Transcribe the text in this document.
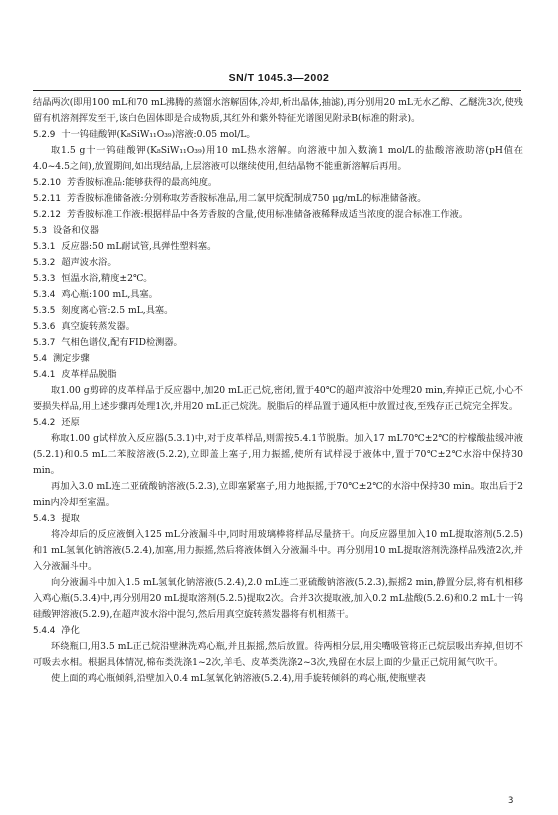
SN/T 1045.3—2002

结晶两次(即用100 mL和70 mL沸腾的蒸馏水溶解固体,冷却,析出晶体,抽滤),再分别用20 mL无水乙醇、乙醚洗3次,使残留有机溶剂挥发至干,该白色固体即是合成物质,其红外和紫外特征光谱图见附录B(标准的附录)。

5.2.9 十一钨硅酸钾(K₈SiW₁₁O₃₉)溶液:0.05 mol/L。

取1.5 g十一钨硅酸钾(K₈SiW₁₁O₃₉)用10 mL热水溶解。向溶液中加入数滴1 mol/L的盐酸溶液助溶(pH值在4.0~4.5之间),放置期间,如出现结晶,上层溶液可以继续使用,但结晶物不能重新溶解后再用。

5.2.10 芳香胺标准品:能够获得的最高纯度。

5.2.11 芳香胺标准储备液:分别称取芳香胺标准品,用二氯甲烷配制成750 μg/mL的标准储备液。

5.2.12 芳香胺标准工作液:根据样品中各芳香胺的含量,使用标准储备液稀释成适当浓度的混合标准工作液。

5.3 设备和仪器

5.3.1 反应器:50 mL耐试管,具弹性塑料塞。

5.3.2 超声波水浴。

5.3.3 恒温水浴,精度±2℃。

5.3.4 鸡心瓶:100 mL,具塞。

5.3.5 刻度离心管:2.5 mL,具塞。

5.3.6 真空旋转蒸发器。

5.3.7 气相色谱仪,配有FID检测器。

5.4 测定步骤

5.4.1 皮革样品脱脂

取1.00 g剪碎的皮革样品于反应器中,加20 mL正己烷,密闭,置于40℃的超声波浴中处理20 min,弃掉正己烷,小心不要损失样品,用上述步骤再处理1次,并用20 mL正己烷洗。脱脂后的样品置于通风柜中放置过夜,至残存正己烷完全挥发。

5.4.2 还原

称取1.00 g试样放入反应器(5.3.1)中,对于皮革样品,则需按5.4.1节脱脂。加入17 mL70℃±2℃的柠檬酸盐缓冲液(5.2.1)和0.5 mL二苯胺溶液(5.2.2),立即盖上塞子,用力振摇,使所有试样浸于液体中,置于70℃±2℃水浴中保持30 min。

再加入3.0 mL连二亚硫酸钠溶液(5.2.3),立即塞紧塞子,用力地振摇,于70℃±2℃的水浴中保持30 min。取出后于2 min内冷却至室温。

5.4.3 提取

将冷却后的反应液倒入125 mL分液漏斗中,同时用玻璃棒将样品尽量挤干。向反应器里加入10 mL提取溶剂(5.2.5)和1 mL氢氧化钠溶液(5.2.4),加塞,用力振摇,然后将液体倒入分液漏斗中。再分别用10 mL提取溶剂洗涤样品残渣2次,并入分液漏斗中。

向分液漏斗中加入1.5 mL氢氧化钠溶液(5.2.4),2.0 mL连二亚硫酸钠溶液(5.2.3),振摇2 min,静置分层,将有机相移入鸡心瓶(5.3.4)中,再分别用20 mL提取溶剂(5.2.5)提取2次。合并3次提取液,加入0.2 mL盐酸(5.2.6)和0.2 mL十一钨硅酸钾溶液(5.2.9),在超声波水浴中混匀,然后用真空旋转蒸发器将有机相蒸干。

5.4.4 净化

环绕瓶口,用3.5 mL正己烷沿壁淋洗鸡心瓶,并且振摇,然后放置。待两相分层,用尖嘴吸管将正己烷层吸出弃掉,但切不可吸去水相。根据具体情况,棉布类洗涤1~2次,羊毛、皮革类洗涤2~3次,残留在水层上面的少量正己烷用氮气吹干。

使上面的鸡心瓶倾斜,沿壁加入0.4 mL氢氧化钠溶液(5.2.4),用手旋转倾斜的鸡心瓶,使瓶壁表

3
